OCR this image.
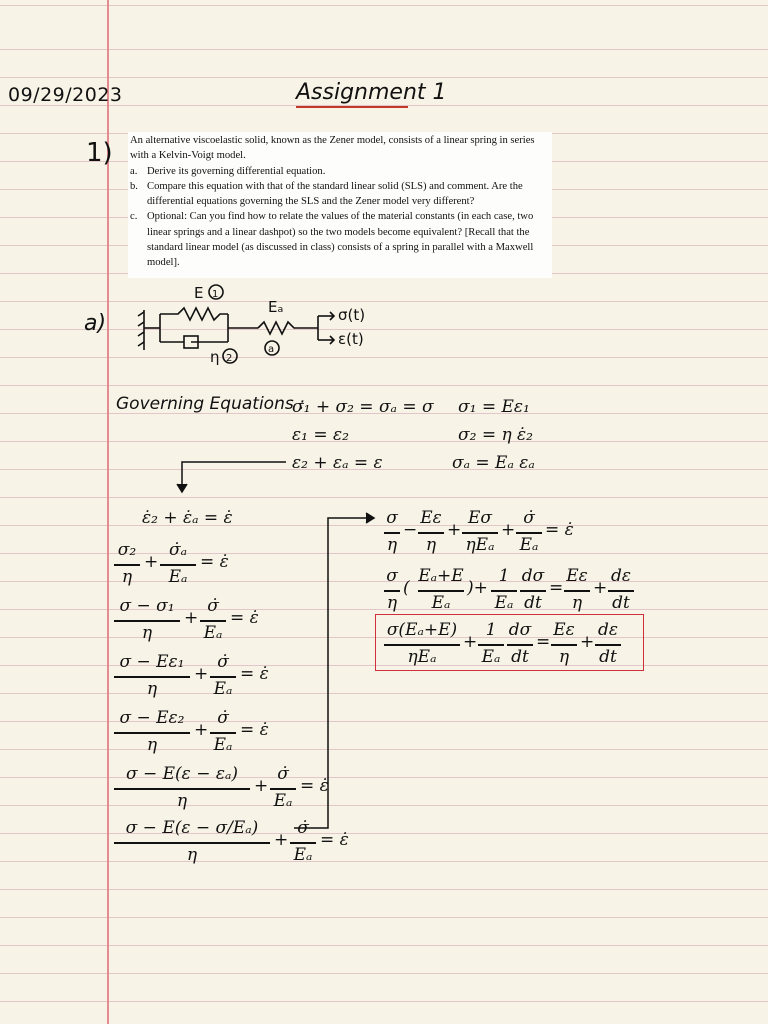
09/29/2023	Assignment 1
1) An alternative viscoelastic solid, known as the Zener model, consists of a linear spring in series with a Kelvin-Voigt model.

a. Derive its governing differential equation.
b. Compare this equation with that of the standard linear solid (SLS) and comment. Are the differential equations governing the SLS and the Zener model very different?
c. Optional: Can you find how to relate the values of the material constants (in each case, two linear springs and a linear dashpot) so the two models become equivalent? [Recall that the standard linear model (as discussed in class) consists of a spring in parallel with a Maxwell model].
a)
E 1
Eₐ
a
η 2
σ(t)
ε(t)
Governing Equations :
σ₁ + σ₂ = σₐ = σ
ε₁ = ε₂
ε₂ + εₐ = ε
σ₁ = Eε₁
σ₂ = η ε̇₂
σₐ = Eₐ εₐ
ε̇₂ + ε̇ₐ = ε̇
σ₂
η
+
σ̇ₐ
Eₐ
= ε̇
σ − σ₁
η
+
σ̇
Eₐ
= ε̇
σ − Eε₁
η
+
σ̇
Eₐ
= ε̇
σ − Eε₂
η
+
σ̇
Eₐ
= ε̇
σ − E(ε − εₐ)
η
+
σ̇
Eₐ
= ε̇
σ − E(ε − σ/Eₐ)
η
+
σ̇
Eₐ
= ε̇
σ
η
−
Eε
η
+
Eσ
ηEₐ
+
σ̇
Eₐ
= ε̇
σ
η
(
Eₐ+E
Eₐ
)+
1
Eₐ
dσ
dt
=
Eε
η
+
dε
dt
σ(Eₐ+E)
ηEₐ
+
1
Eₐ
dσ
dt
=
Eε
η
+
dε
dt
